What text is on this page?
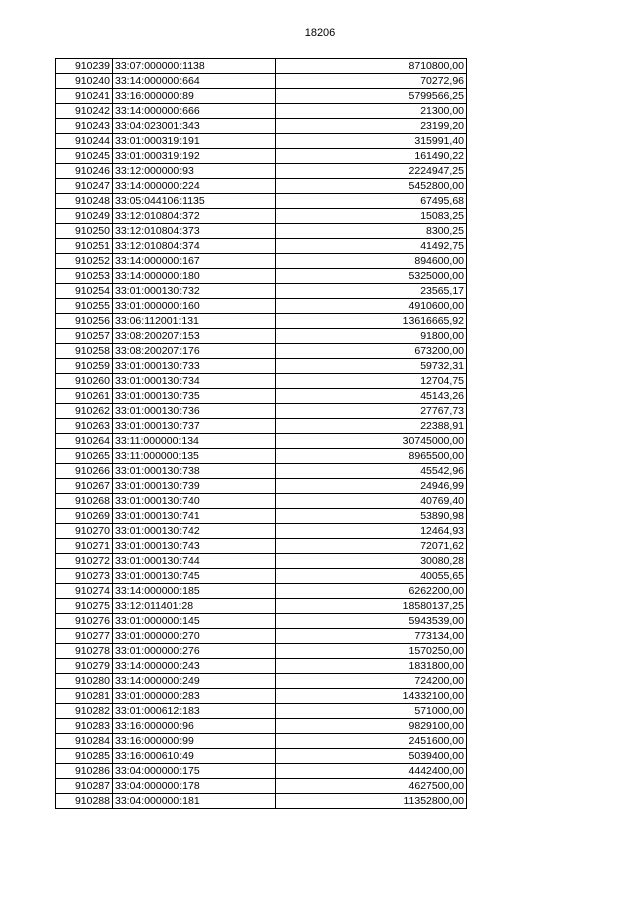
18206
910239	33:07:000000:1138	8710800,00
910240	33:14:000000:664	70272,96
910241	33:16:000000:89	5799566,25
910242	33:14:000000:666	21300,00
910243	33:04:023001:343	23199,20
910244	33:01:000319:191	315991,40
910245	33:01:000319:192	161490,22
910246	33:12:000000:93	2224947,25
910247	33:14:000000:224	5452800,00
910248	33:05:044106:1135	67495,68
910249	33:12:010804:372	15083,25
910250	33:12:010804:373	8300,25
910251	33:12:010804:374	41492,75
910252	33:14:000000:167	894600,00
910253	33:14:000000:180	5325000,00
910254	33:01:000130:732	23565,17
910255	33:01:000000:160	4910600,00
910256	33:06:112001:131	13616665,92
910257	33:08:200207:153	91800,00
910258	33:08:200207:176	673200,00
910259	33:01:000130:733	59732,31
910260	33:01:000130:734	12704,75
910261	33:01:000130:735	45143,26
910262	33:01:000130:736	27767,73
910263	33:01:000130:737	22388,91
910264	33:11:000000:134	30745000,00
910265	33:11:000000:135	8965500,00
910266	33:01:000130:738	45542,96
910267	33:01:000130:739	24946,99
910268	33:01:000130:740	40769,40
910269	33:01:000130:741	53890,98
910270	33:01:000130:742	12464,93
910271	33:01:000130:743	72071,62
910272	33:01:000130:744	30080,28
910273	33:01:000130:745	40055,65
910274	33:14:000000:185	6262200,00
910275	33:12:011401:28	18580137,25
910276	33:01:000000:145	5943539,00
910277	33:01:000000:270	773134,00
910278	33:01:000000:276	1570250,00
910279	33:14:000000:243	1831800,00
910280	33:14:000000:249	724200,00
910281	33:01:000000:283	14332100,00
910282	33:01:000612:183	571000,00
910283	33:16:000000:96	9829100,00
910284	33:16:000000:99	2451600,00
910285	33:16:000610:49	5039400,00
910286	33:04:000000:175	4442400,00
910287	33:04:000000:178	4627500,00
910288	33:04:000000:181	11352800,00
